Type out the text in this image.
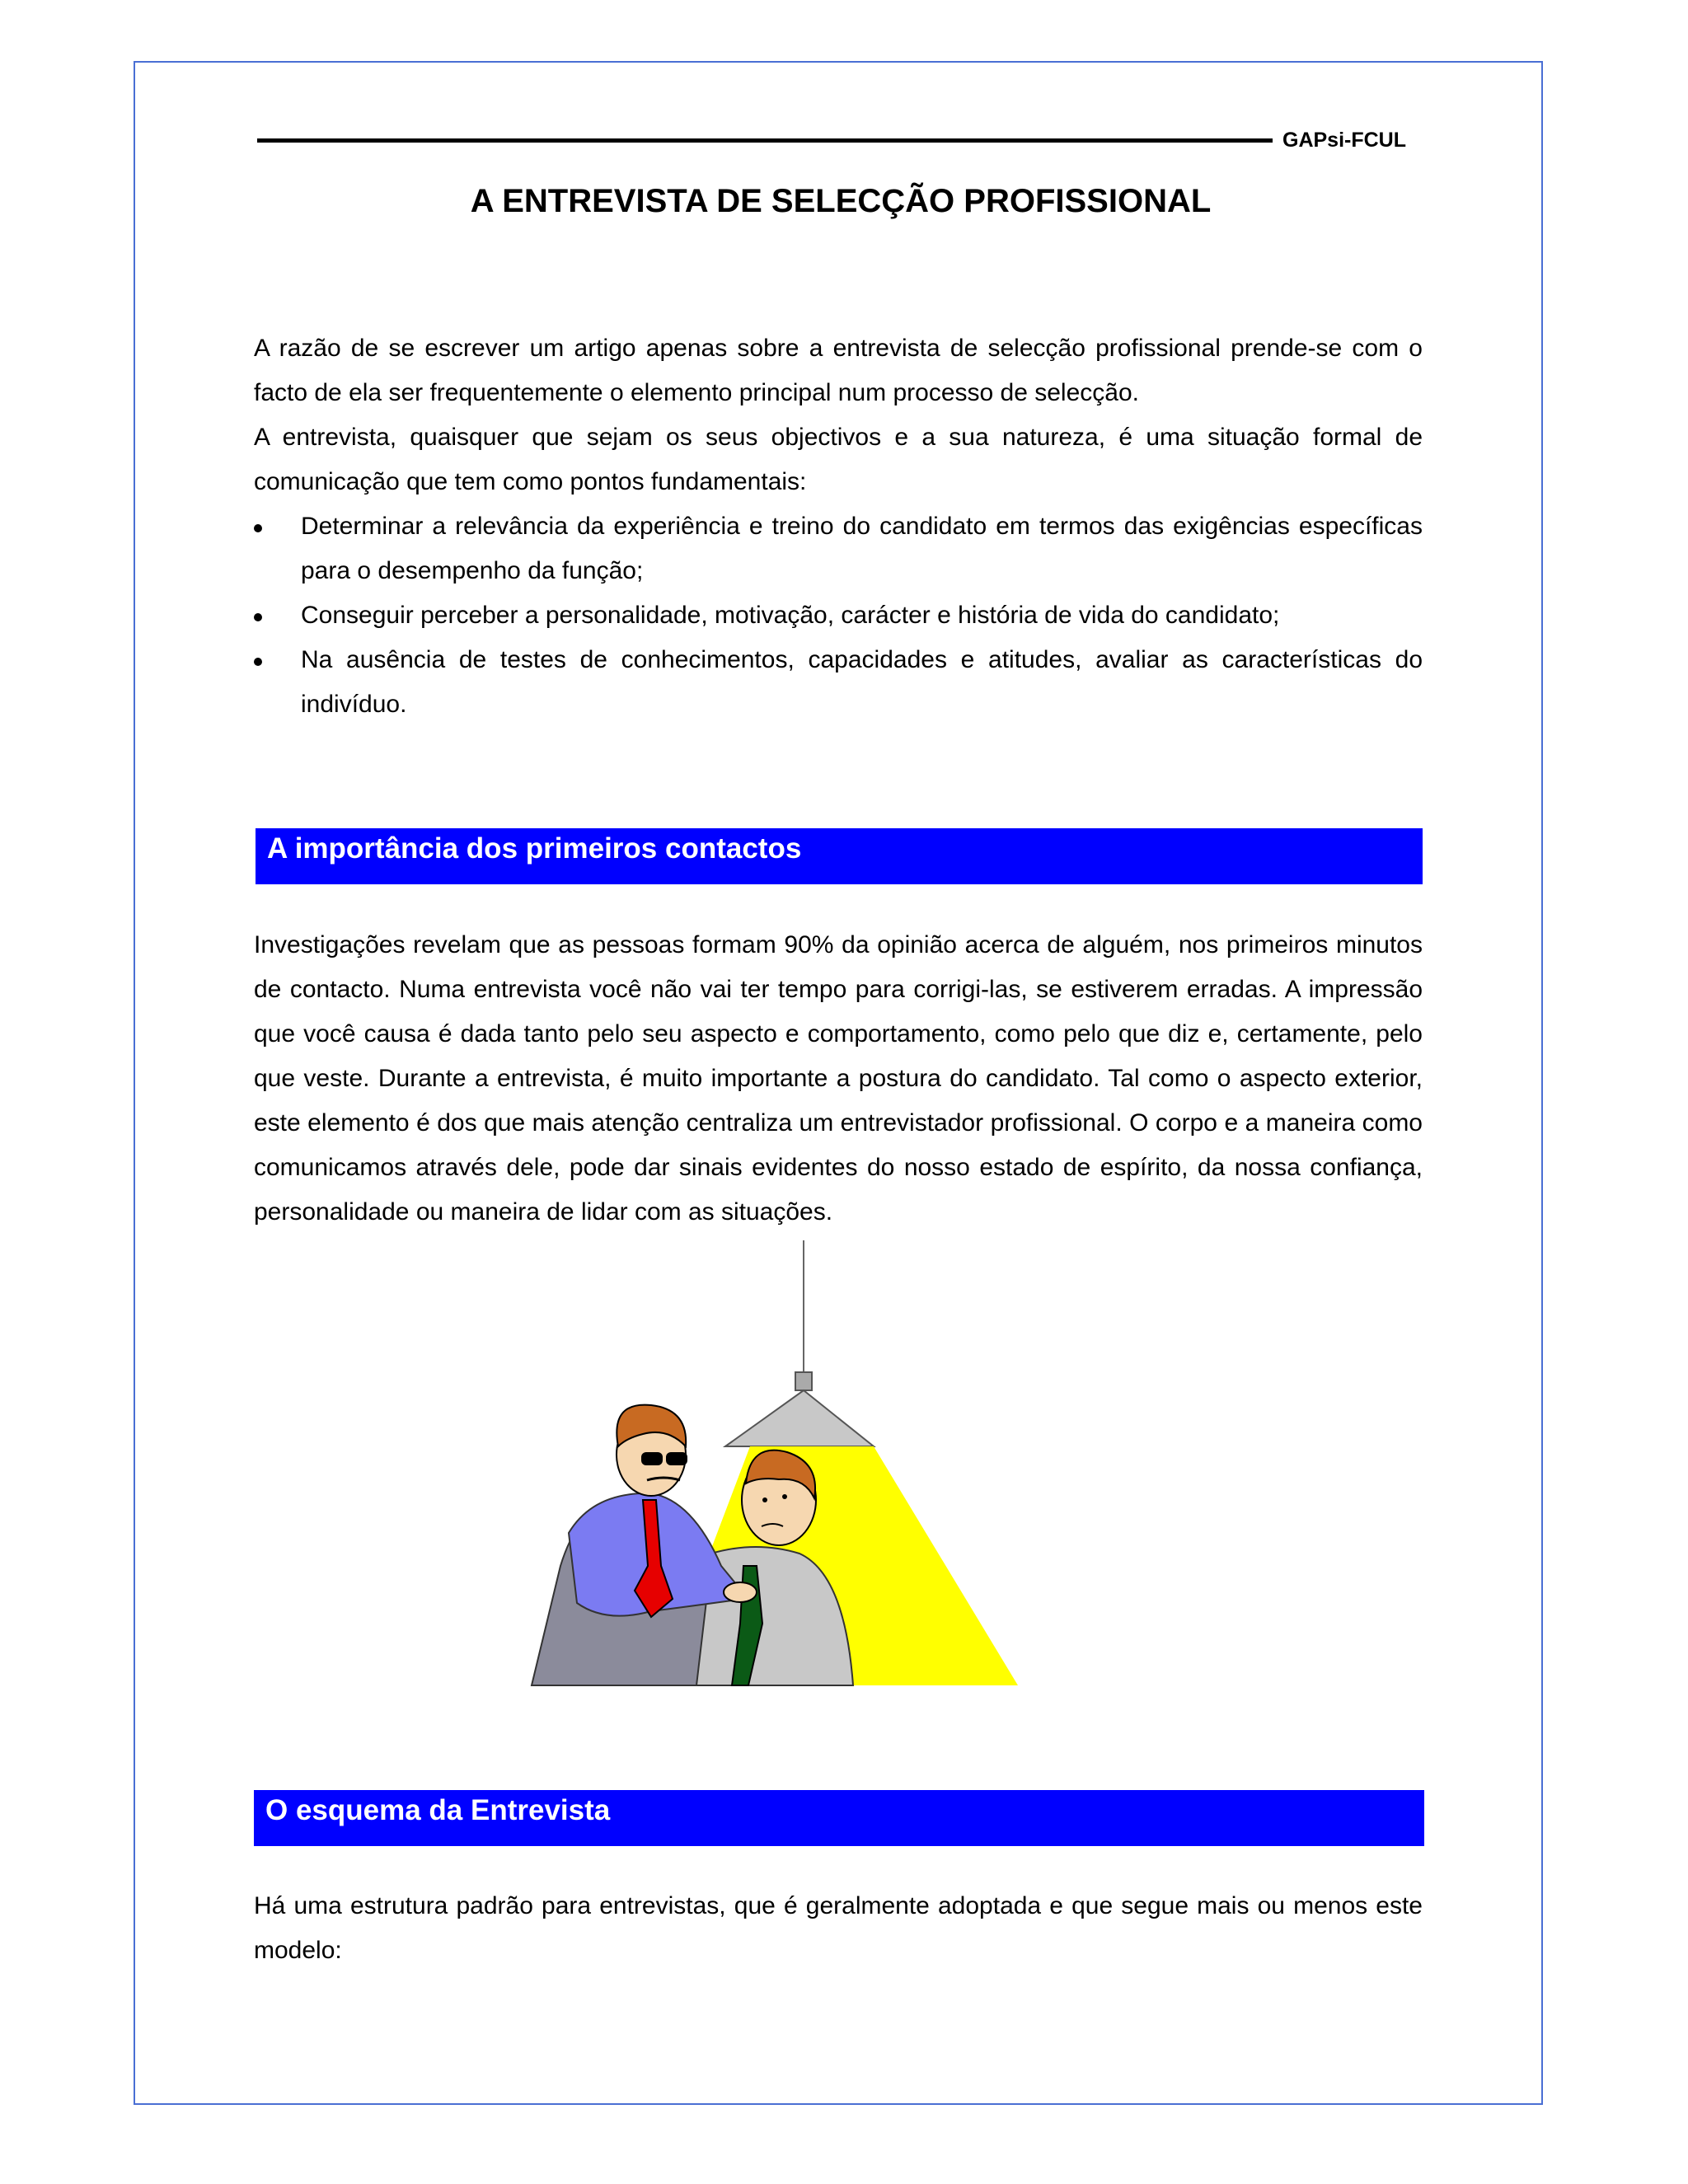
GAPsi-FCUL
A ENTREVISTA DE SELECÇÃO PROFISSIONAL

A razão de se escrever um artigo apenas sobre a entrevista de selecção profissional prende-se com o facto de ela ser frequentemente o elemento principal num processo de selecção.

A entrevista, quaisquer que sejam os seus objectivos e a sua natureza, é uma situação formal de comunicação que tem como pontos fundamentais:

Determinar a relevância da experiência e treino do candidato em termos das exigências específicas para o desempenho da função;
Conseguir perceber a personalidade, motivação, carácter e história de vida do candidato;
Na ausência de testes de conhecimentos, capacidades e atitudes, avaliar as características do indivíduo.
A importância dos primeiros contactos

Investigações revelam que as pessoas formam 90% da opinião acerca de alguém, nos primeiros minutos de contacto. Numa entrevista você não vai ter tempo para corrigi-las, se estiverem erradas. A impressão que você causa é dada tanto pelo seu aspecto e comportamento, como pelo que diz e, certamente, pelo que veste. Durante a entrevista, é muito importante a postura do candidato. Tal como o aspecto exterior, este elemento é dos que mais atenção centraliza um entrevistador profissional. O corpo e a maneira como comunicamos através dele, pode dar sinais evidentes do nosso estado de espírito, da nossa confiança, personalidade ou maneira de lidar com as situações.

O esquema da Entrevista

Há uma estrutura padrão para entrevistas, que é geralmente adoptada e que segue mais ou menos este modelo:
